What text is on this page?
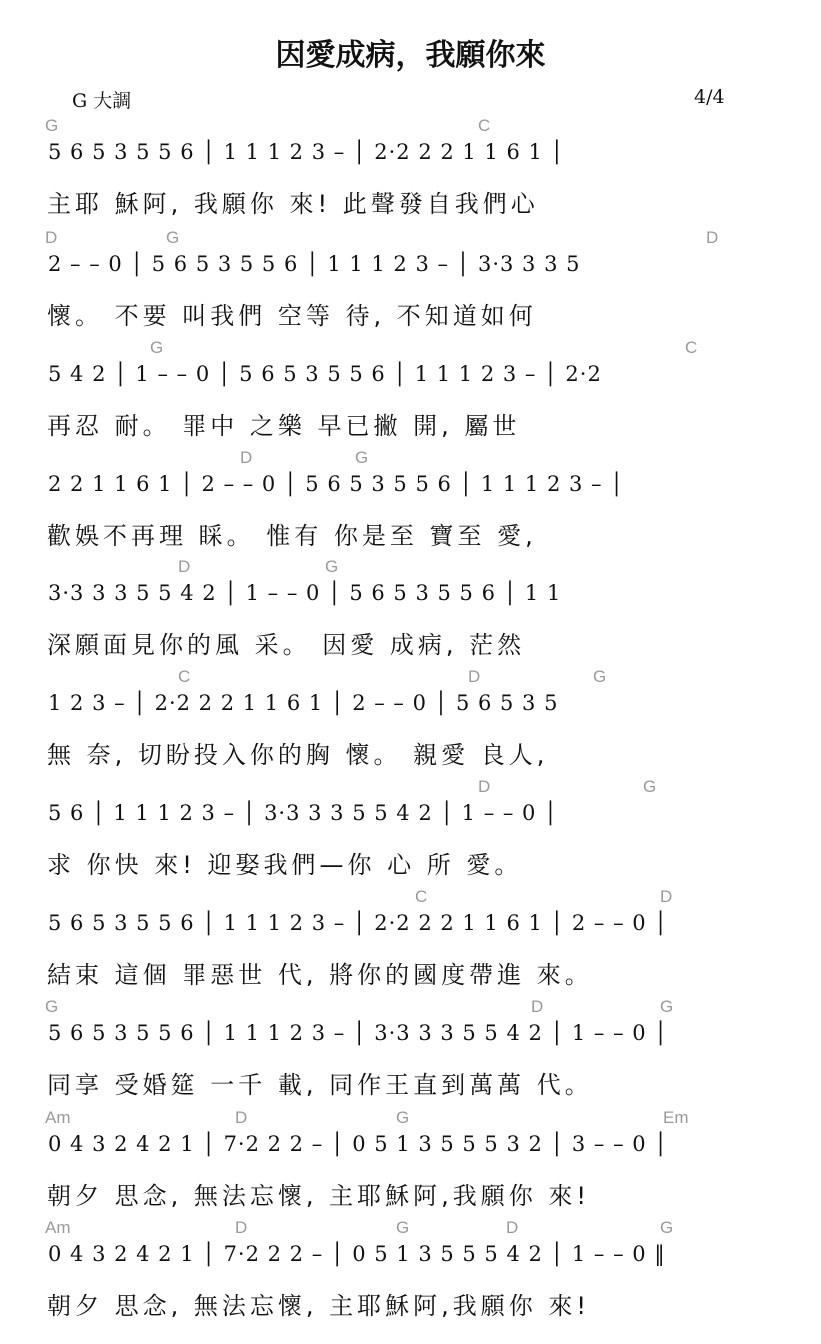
因愛成病，我願你來
G 大調	4/4
G	C
5 6 5 3 5 5 6 │ 1 1 1 2 3 – │ 2·2 2 2 1 1 6 1 │
主耶 穌阿, 我願你 來! 此聲發自我們心
D	G	D
2 – – 0 │ 5 6 5 3 5 5 6 │ 1 1 1 2 3 – │ 3·3 3 3 5
懷。 不要 叫我們 空等 待, 不知道如何
G	C
5 4 2 │ 1 – – 0 │ 5 6 5 3 5 5 6 │ 1 1 1 2 3 – │ 2·2
再忍 耐。 罪中 之樂 早已撇 開, 屬世
D	G
2 2 1 1 6 1 │ 2 – – 0 │ 5 6 5 3 5 5 6 │ 1 1 1 2 3 – │
歡娛不再理 睬。 惟有 你是至 寶至 愛,
D	G
3·3 3 3 5 5 4 2 │ 1 – – 0 │ 5 6 5 3 5 5 6 │ 1 1
深願面見你的風 采。 因愛 成病, 茫然
C	D	G
1 2 3 – │ 2·2 2 2 1 1 6 1 │ 2 – – 0 │ 5 6 5 3 5
無 奈, 切盼投入你的胸 懷。 親愛 良人,
D	G
5 6 │ 1 1 1 2 3 – │ 3·3 3 3 5 5 4 2 │ 1 – – 0 │
求 你快 來! 迎娶我們—你 心 所 愛。
C	D
5 6 5 3 5 5 6 │ 1 1 1 2 3 – │ 2·2 2 2 1 1 6 1 │ 2 – – 0 │
結束 這個 罪惡世 代, 將你的國度帶進 來。
G	D	G
5 6 5 3 5 5 6 │ 1 1 1 2 3 – │ 3·3 3 3 5 5 4 2 │ 1 – – 0 │
同享 受婚筵 一千 載, 同作王直到萬萬 代。
Am	D	G	Em
0 4 3 2 4 2 1 │ 7·2 2 2 – │ 0 5 1 3 5 5 5 3 2 │ 3 – – 0 │
朝夕 思念, 無法忘懷, 主耶穌阿,我願你 來!
Am	D	G	D	G
0 4 3 2 4 2 1 │ 7·2 2 2 – │ 0 5 1 3 5 5 5 4 2 │ 1 – – 0 ‖
朝夕 思念, 無法忘懷, 主耶穌阿,我願你 來!
